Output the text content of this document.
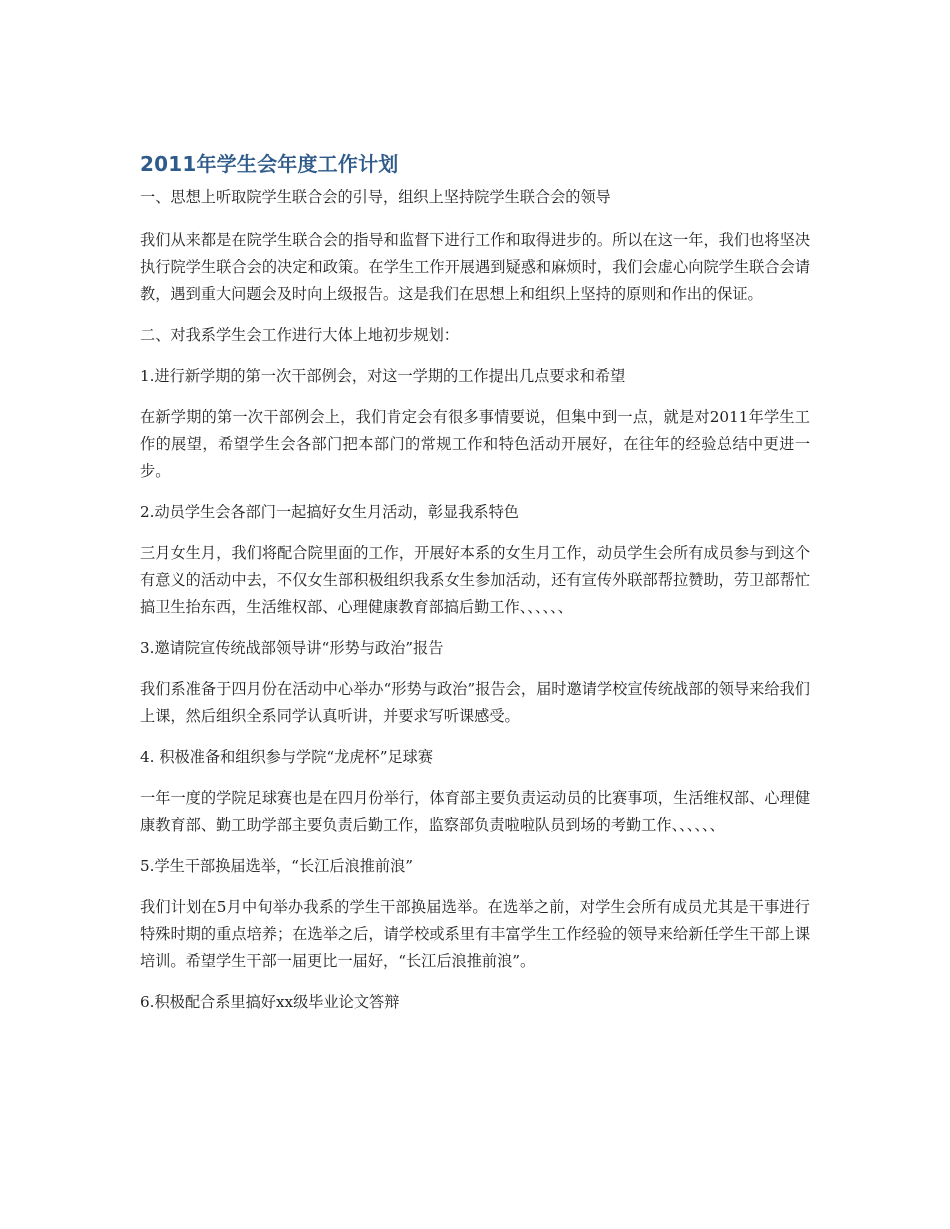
2011年学生会年度工作计划

一、思想上听取院学生联合会的引导，组织上坚持院学生联合会的领导

我们从来都是在院学生联合会的指导和监督下进行工作和取得进步的。所以在这一年，我们也将坚决执行院学生联合会的决定和政策。在学生工作开展遇到疑惑和麻烦时，我们会虚心向院学生联合会请教，遇到重大问题会及时向上级报告。这是我们在思想上和组织上坚持的原则和作出的保证。

二、对我系学生会工作进行大体上地初步规划：

1.进行新学期的第一次干部例会，对这一学期的工作提出几点要求和希望

在新学期的第一次干部例会上，我们肯定会有很多事情要说，但集中到一点，就是对2011年学生工作的展望，希望学生会各部门把本部门的常规工作和特色活动开展好，在往年的经验总结中更进一步。

2.动员学生会各部门一起搞好女生月活动，彰显我系特色

三月女生月，我们将配合院里面的工作，开展好本系的女生月工作，动员学生会所有成员参与到这个有意义的活动中去，不仅女生部积极组织我系女生参加活动，还有宣传外联部帮拉赞助，劳卫部帮忙搞卫生抬东西，生活维权部、心理健康教育部搞后勤工作、、、、、、

3.邀请院宣传统战部领导讲“形势与政治”报告

我们系准备于四月份在活动中心举办“形势与政治”报告会，届时邀请学校宣传统战部的领导来给我们上课，然后组织全系同学认真听讲，并要求写听课感受。

4. 积极准备和组织参与学院“龙虎杯”足球赛

一年一度的学院足球赛也是在四月份举行，体育部主要负责运动员的比赛事项，生活维权部、心理健康教育部、勤工助学部主要负责后勤工作，监察部负责啦啦队员到场的考勤工作、、、、、、

5.学生干部换届选举，“长江后浪推前浪”

我们计划在5月中旬举办我系的学生干部换届选举。在选举之前，对学生会所有成员尤其是干事进行特殊时期的重点培养；在选举之后，请学校或系里有丰富学生工作经验的领导来给新任学生干部上课培训。希望学生干部一届更比一届好，“长江后浪推前浪”。

6.积极配合系里搞好xx级毕业论文答辩
